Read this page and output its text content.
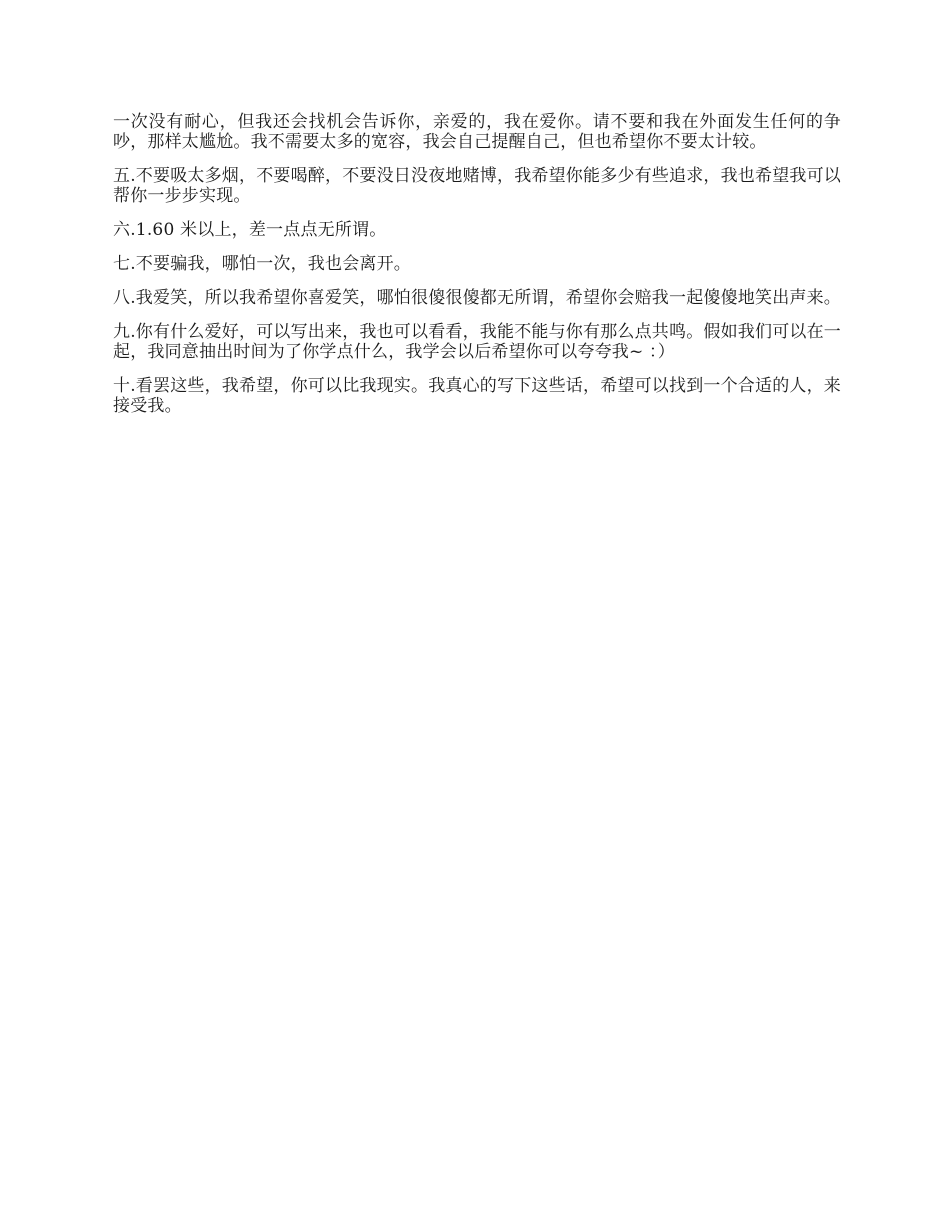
一次没有耐心，但我还会找机会告诉你，亲爱的，我在爱你。请不要和我在外面发生任何的争吵，那样太尴尬。我不需要太多的宽容，我会自己提醒自己，但也希望你不要太计较。

五.不要吸太多烟，不要喝醉，不要没日没夜地赌博，我希望你能多少有些追求，我也希望我可以帮你一步步实现。

六.1.60 米以上，差一点点无所谓。

七.不要骗我，哪怕一次，我也会离开。

八.我爱笑，所以我希望你喜爱笑，哪怕很傻很傻都无所谓，希望你会赔我一起傻傻地笑出声来。

九.你有什么爱好，可以写出来，我也可以看看，我能不能与你有那么点共鸣。假如我们可以在一起，我同意抽出时间为了你学点什么，我学会以后希望你可以夸夸我~ ：）

十.看罢这些，我希望，你可以比我现实。我真心的写下这些话，希望可以找到一个合适的人，来接受我。
